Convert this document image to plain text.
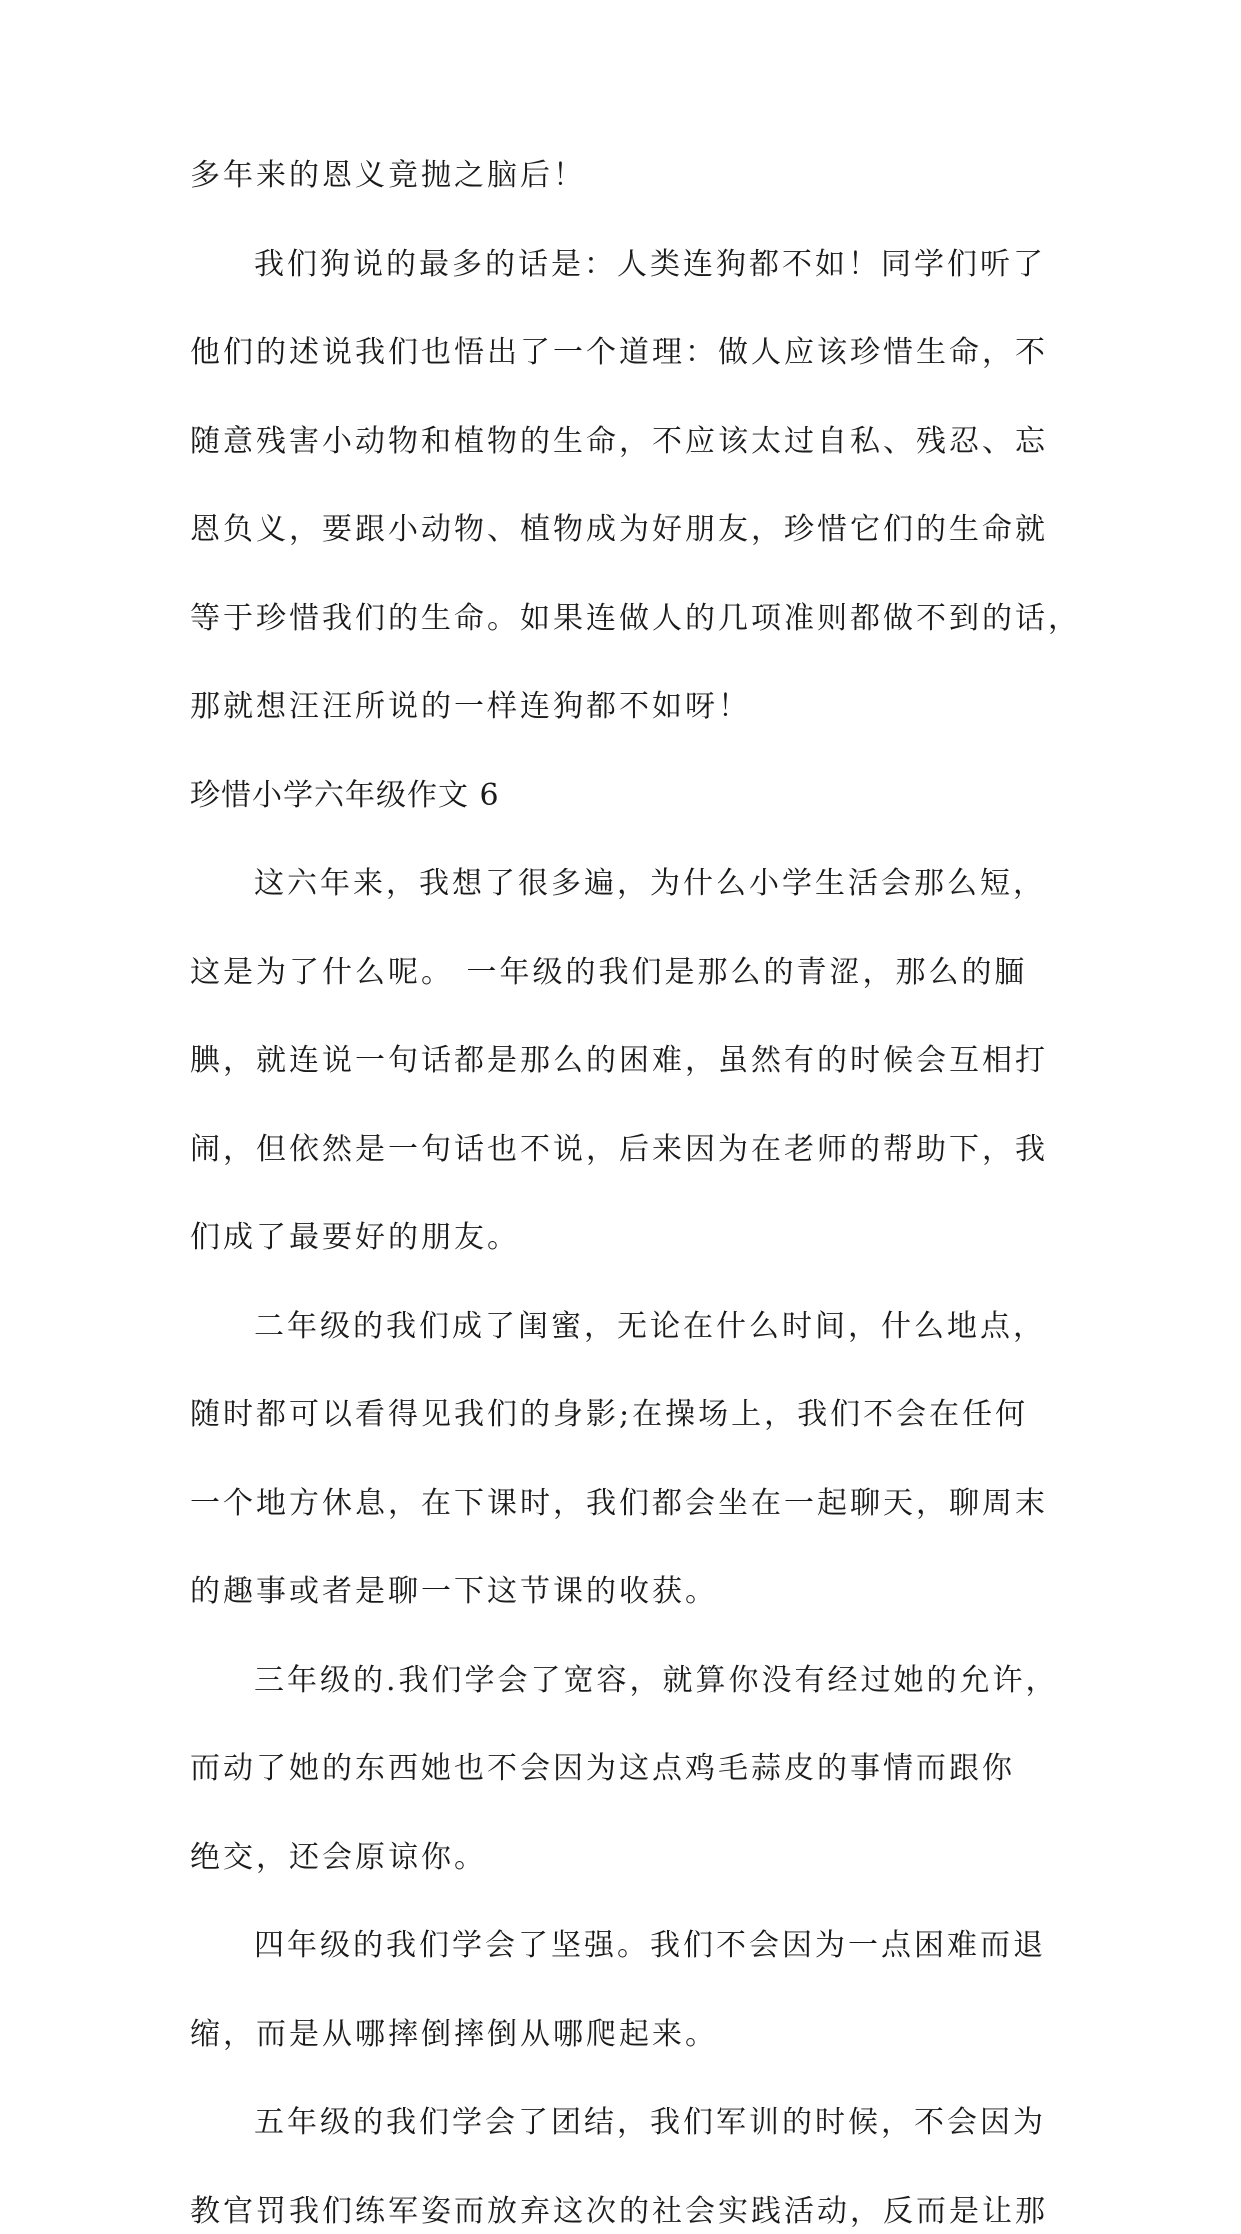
多年来的恩义竟抛之脑后！
我们狗说的最多的话是：人类连狗都不如！同学们听了
他们的述说我们也悟出了一个道理：做人应该珍惜生命，不
随意残害小动物和植物的生命，不应该太过自私、残忍、忘
恩负义，要跟小动物、植物成为好朋友，珍惜它们的生命就
等于珍惜我们的生命。如果连做人的几项准则都做不到的话，
那就想汪汪所说的一样连狗都不如呀！
珍惜小学六年级作文 6
这六年来，我想了很多遍，为什么小学生活会那么短，
这是为了什么呢。 一年级的我们是那么的青涩，那么的腼
腆，就连说一句话都是那么的困难，虽然有的时候会互相打
闹，但依然是一句话也不说，后来因为在老师的帮助下，我
们成了最要好的朋友。
二年级的我们成了闺蜜，无论在什么时间，什么地点，
随时都可以看得见我们的身影;在操场上，我们不会在任何
一个地方休息，在下课时，我们都会坐在一起聊天，聊周末
的趣事或者是聊一下这节课的收获。
三年级的.我们学会了宽容，就算你没有经过她的允许，
而动了她的东西她也不会因为这点鸡毛蒜皮的事情而跟你
绝交，还会原谅你。
四年级的我们学会了坚强。我们不会因为一点困难而退
缩，而是从哪摔倒摔倒从哪爬起来。
五年级的我们学会了团结，我们军训的时候，不会因为
教官罚我们练军姿而放弃这次的社会实践活动，反而是让那
